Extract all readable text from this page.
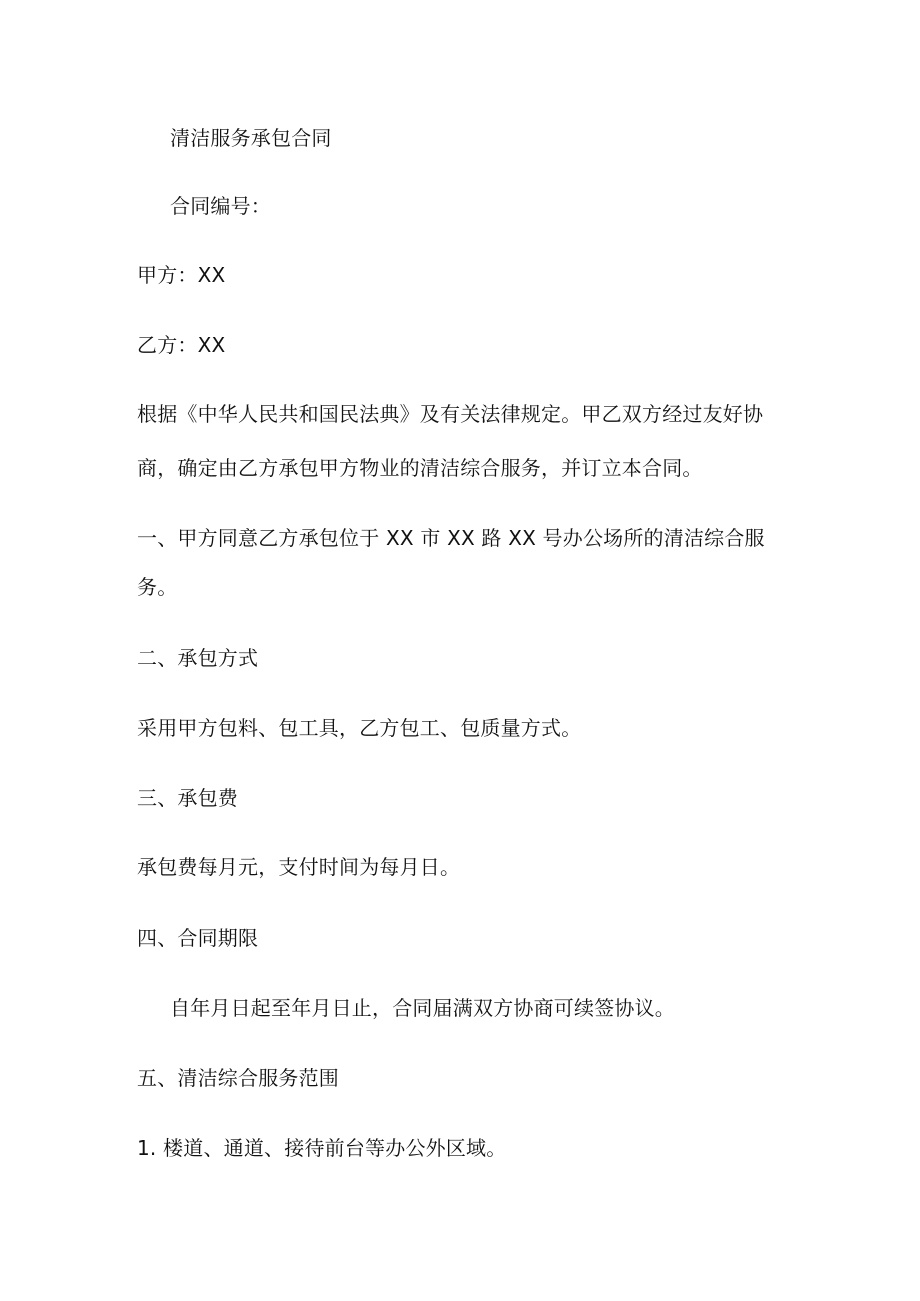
清洁服务承包合同
合同编号：
甲方：XX
乙方：XX
根据《中华人民共和国民法典》及有关法律规定。甲乙双方经过友好协
商，确定由乙方承包甲方物业的清洁综合服务，并订立本合同。
一、甲方同意乙方承包位于 XX 市 XX 路 XX 号办公场所的清洁综合服
务。
二、承包方式
采用甲方包料、包工具，乙方包工、包质量方式。
三、承包费
承包费每月元，支付时间为每月日。
四、合同期限
自年月日起至年月日止，合同届满双方协商可续签协议。
五、清洁综合服务范围
1. 楼道、通道、接待前台等办公外区域。
